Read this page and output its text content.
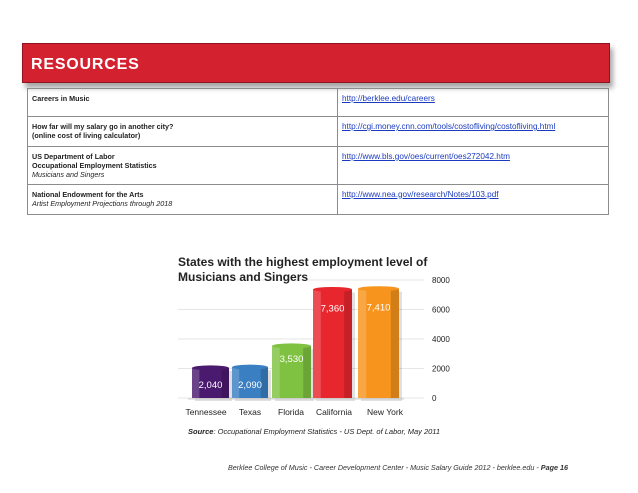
RESOURCES
Careers in Music	http://berklee.edu/careers

How far will my salary go in another city?
(online cost of living calculator)	http://cgi.money.cnn.com/tools/costofliving/costofliving.html

US Department of Labor
Occupational Employment Statistics
Musicians and Singers	http://www.bls.gov/oes/current/oes272042.htm

National Endowment for the Arts
Artist Employment Projections through 2018	http://www.nea.gov/research/Notes/103.pdf
0
2000
4000
6000
8000
2,040
Tennessee
2,090
Texas
3,530
Florida
7,360
California
7,410
New York
States with the highest employment level of
Musicians and Singers
Source: Occupational Employment Statistics - US Dept. of Labor, May 2011
Berklee College of Music - Career Development Center - Music Salary Guide 2012 - berklee.edu - Page 16
